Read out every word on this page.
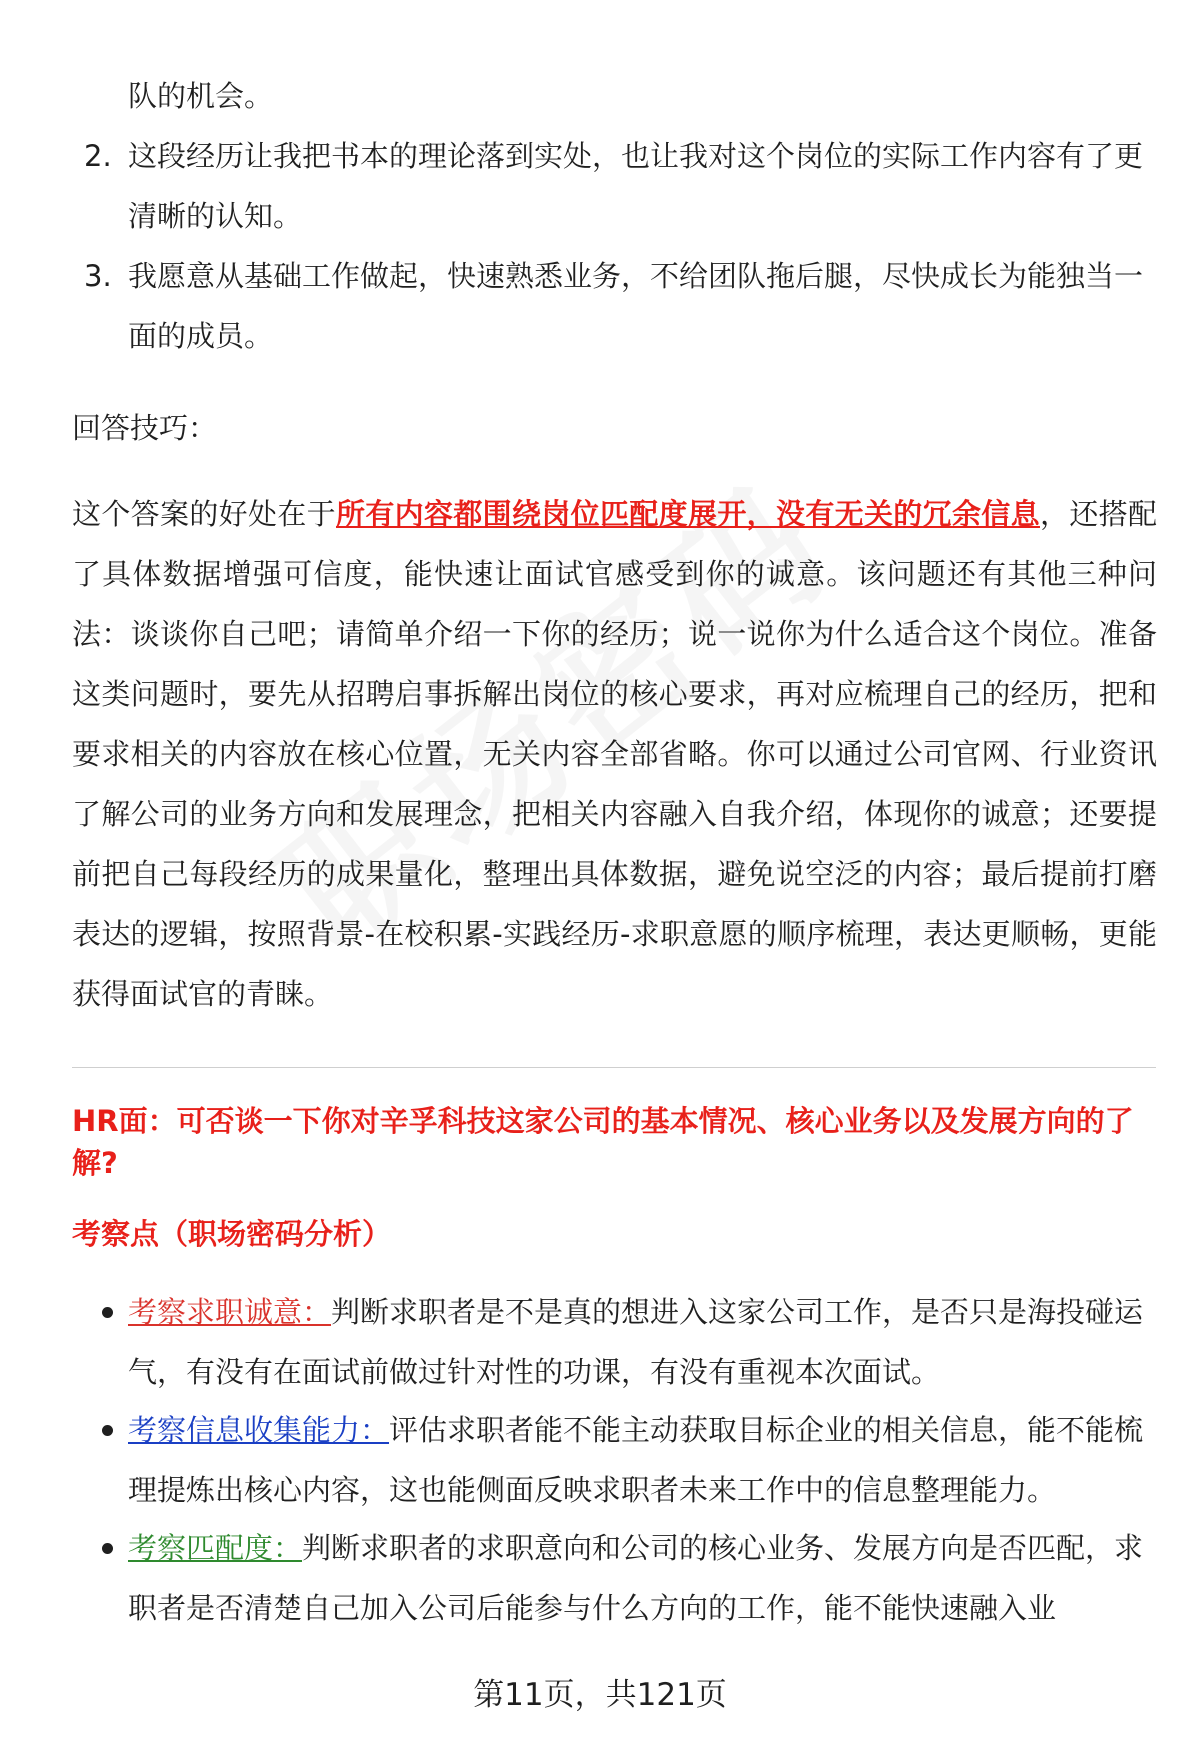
队的机会。
2. 这段经历让我把书本的理论落到实处，也让我对这个岗位的实际工作内容有了更清晰的认知。
3. 我愿意从基础工作做起，快速熟悉业务，不给团队拖后腿，尽快成长为能独当一面的成员。
回答技巧：
这个答案的好处在于所有内容都围绕岗位匹配度展开，没有无关的冗余信息，还搭配了具体数据增强可信度，能快速让面试官感受到你的诚意。该问题还有其他三种问法：谈谈你自己吧；请简单介绍一下你的经历；说一说你为什么适合这个岗位。准备这类问题时，要先从招聘启事拆解出岗位的核心要求，再对应梳理自己的经历，把和要求相关的内容放在核心位置，无关内容全部省略。你可以通过公司官网、行业资讯了解公司的业务方向和发展理念，把相关内容融入自我介绍，体现你的诚意；还要提前把自己每段经历的成果量化，整理出具体数据，避免说空泛的内容；最后提前打磨表达的逻辑，按照背景-在校积累-实践经历-求职意愿的顺序梳理，表达更顺畅，更能获得面试官的青睐。
HR面：可否谈一下你对辛孚科技这家公司的基本情况、核心业务以及发展方向的了解?
考察点（职场密码分析）
考察求职诚意：判断求职者是不是真的想进入这家公司工作，是否只是海投碰运气，有没有在面试前做过针对性的功课，有没有重视本次面试。
考察信息收集能力：评估求职者能不能主动获取目标企业的相关信息，能不能梳理提炼出核心内容，这也能侧面反映求职者未来工作中的信息整理能力。
考察匹配度：判断求职者的求职意向和公司的核心业务、发展方向是否匹配，求职者是否清楚自己加入公司后能参与什么方向的工作，能不能快速融入业
第11页，共121页
